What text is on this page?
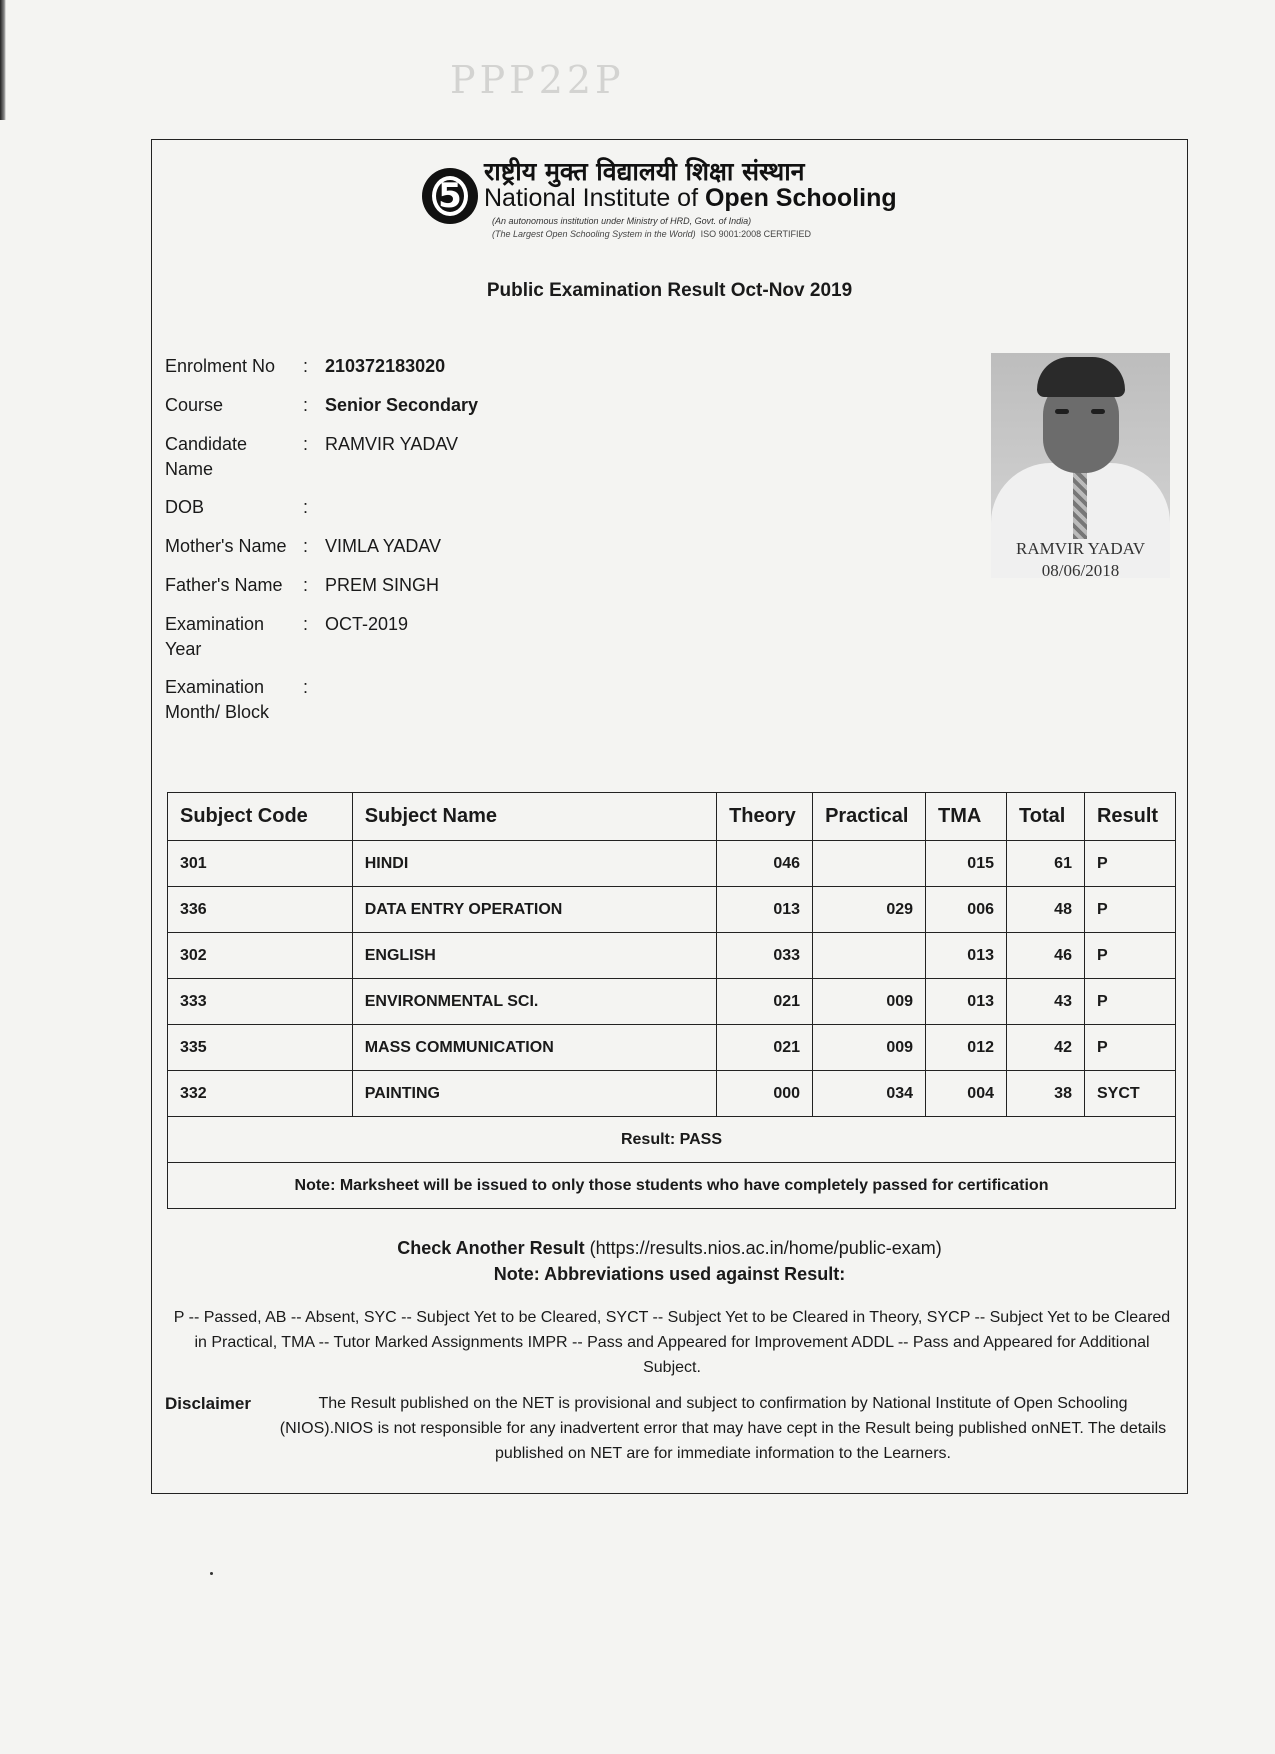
PPP22P
5
राष्ट्रीय मुक्त विद्यालयी शिक्षा संस्थान
National Institute of Open Schooling
(An autonomous institution under Ministry of HRD, Govt. of India)
(The Largest Open Schooling System in the World) ISO 9001:2008 CERTIFIED
Public Examination Result Oct-Nov 2019
Enrolment No	: 210372183020
Course	: Senior Secondary
Candidate Name
: RAMVIR YADAV
DOB	:
Mother's Name : VIMLA YADAV
Father's Name	: PREM SINGH
Examination Year
: OCT-2019
Examination Month/ Block
:
RAMVIR YADAV
08/06/2018
Subject Code	Subject Name	Theory	Practical	TMA	Total	Result
301	HINDI	046		015	61	P
336	DATA ENTRY OPERATION	013	029	006	48	P
302	ENGLISH	033		013	46	P
333	ENVIRONMENTAL SCI.	021	009	013	43	P
335	MASS COMMUNICATION	021	009	012	42	P
332	PAINTING	000	034	004	38	SYCT
Result: PASS						
Note: Marksheet will be issued to only those students who have completely passed for certification						
Check Another Result (https://results.nios.ac.in/home/public-exam)
Note: Abbreviations used against Result:
P -- Passed, AB -- Absent, SYC -- Subject Yet to be Cleared, SYCT -- Subject Yet to be Cleared in Theory, SYCP -- Subject Yet to be Cleared in Practical, TMA -- Tutor Marked Assignments IMPR -- Pass and Appeared for Improvement ADDL -- Pass and Appeared for Additional Subject.
Disclaimer	The Result published on the NET is provisional and subject to confirmation by National Institute of Open Schooling (NIOS).NIOS is not responsible for any inadvertent error that may have cept in the Result being published onNET. The details published on NET are for immediate information to the Learners.
